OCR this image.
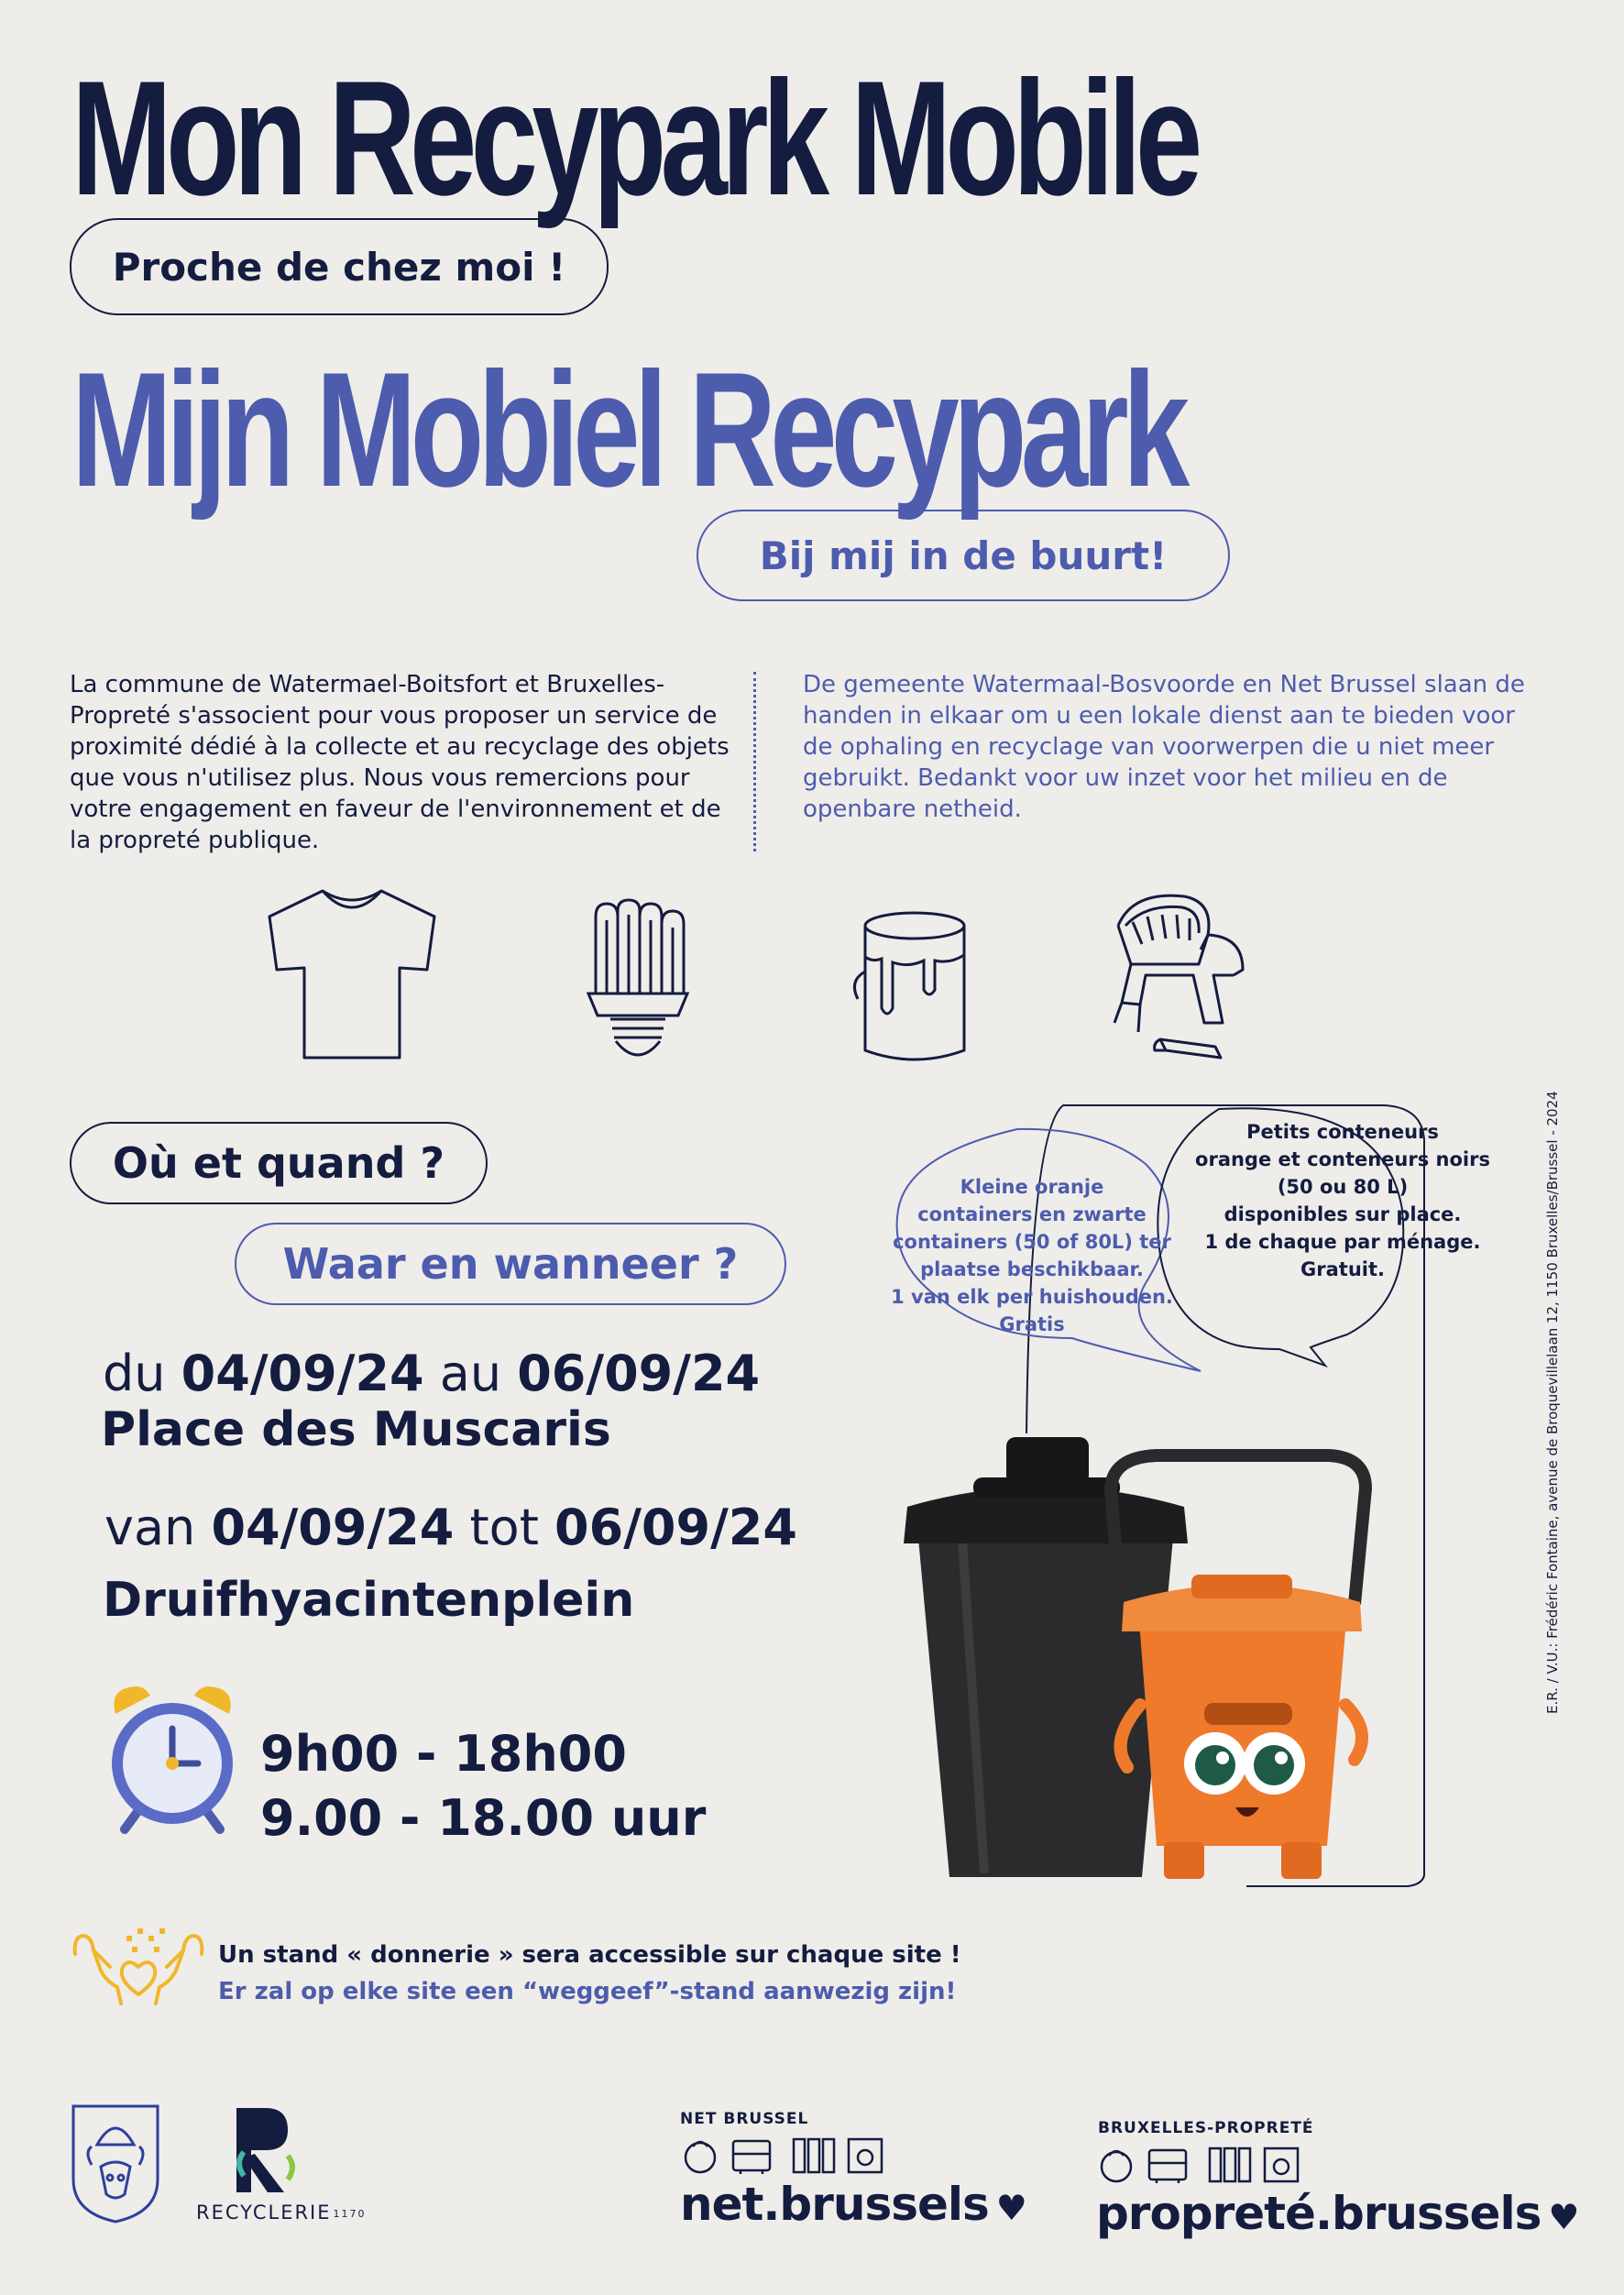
Mon Recypark Mobile
Proche de chez moi !
Mijn Mobiel Recypark
Bij mij in de buurt!
La commune de Watermael-Boitsfort et Bruxelles-Propreté s'associent pour vous proposer un service de proximité dédié à la collecte et au recyclage des objets que vous n'utilisez plus. Nous vous remercions pour votre engagement en faveur de l'environnement et de la propreté publique.
De gemeente Watermaal-Bosvoorde en Net Brussel slaan de handen in elkaar om u een lokale dienst aan te bieden voor de ophaling en recyclage van voorwerpen die u niet meer gebruikt. Bedankt voor uw inzet voor het milieu en de openbare netheid.
Où et quand ?
Waar en wanneer ?
du 04/09/24 au 06/09/24
Place des Muscaris
van 04/09/24 tot 06/09/24
Druifhyacintenplein
9h00 - 18h00
9.00 - 18.00 uur
Kleine oranje
containers en zwarte
containers (50 of 80L) ter
plaatse beschikbaar.
1 van elk per huishouden.
Gratis
Petits conteneurs
orange et conteneurs noirs
(50 ou 80 L)
disponibles sur place.
1 de chaque par ménage.
Gratuit.	E.R. / V.U.: Frédéric Fontaine, avenue de Broquevillelaan 12, 1150 Bruxelles/Brussel - 2024
Un stand « donnerie » sera accessible sur chaque site !
Er zal op elke site een “weggeef”-stand aanwezig zijn!
RECYCLERIE 1170
NET BRUSSEL
net.brussels ♥
BRUXELLES-PROPRETÉ
propreté.brussels ♥
